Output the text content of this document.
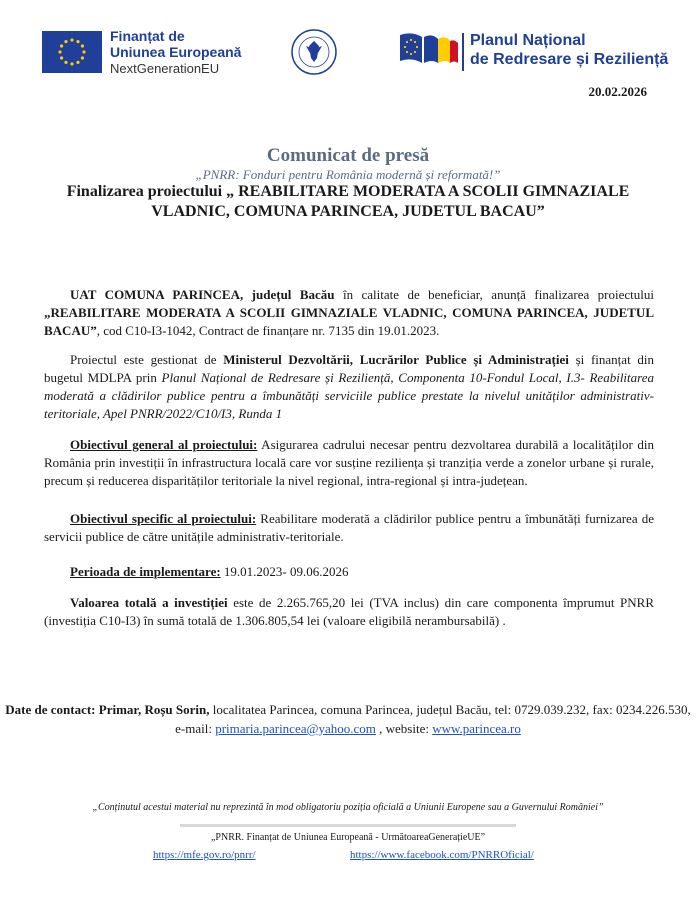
Finanțat de
Uniunea Europeană
NextGenerationEU
Planul Național
de Redresare și Reziliență
20.02.2026
Comunicat de presă
„PNRR: Fonduri pentru România modernă și reformată!”
Finalizarea proiectului „ REABILITARE MODERATA A SCOLII GIMNAZIALE VLADNIC, COMUNA PARINCEA, JUDETUL BACAU”
UAT COMUNA PARINCEA, județul Bacău în calitate de beneficiar, anunță finalizarea proiectului „REABILITARE MODERATA A SCOLII GIMNAZIALE VLADNIC, COMUNA PARINCEA, JUDETUL BACAU”, cod C10-I3-1042, Contract de finanțare nr. 7135 din 19.01.2023.
Proiectul este gestionat de Ministerul Dezvoltării, Lucrărilor Publice și Administrației și finanțat din bugetul MDLPA prin Planul Național de Redresare și Reziliență, Componenta 10-Fondul Local, I.3- Reabilitarea moderată a clădirilor publice pentru a îmbunătăți serviciile publice prestate la nivelul unităților administrativ-teritoriale, Apel PNRR/2022/C10/I3, Runda 1
Obiectivul general al proiectului: Asigurarea cadrului necesar pentru dezvoltarea durabilă a localităților din România prin investiții în infrastructura locală care vor susține reziliența și tranziția verde a zonelor urbane și rurale, precum și reducerea disparităților teritoriale la nivel regional, intra-regional și intra-județean.
Obiectivul specific al proiectului: Reabilitare moderată a clădirilor publice pentru a îmbunătăți furnizarea de servicii publice de către unitățile administrativ-teritoriale.
Perioada de implementare: 19.01.2023- 09.06.2026
Valoarea totală a investiției este de 2.265.765,20 lei (TVA inclus) din care componenta împrumut PNRR (investiția C10-I3) în sumă totală de 1.306.805,54 lei (valoare eligibilă nerambursabilă) .
Date de contact: Primar, Roșu Sorin, localitatea Parincea, comuna Parincea, județul Bacău, tel: 0729.039.232, fax: 0234.226.530, e-mail: primaria.parincea@yahoo.com , website: www.parincea.ro
„Conținutul acestui material nu reprezintă în mod obligatoriu poziția oficială a Uniunii Europene sau a Guvernului României”
„PNRR. Finanțat de Uniunea Europeană - UrmătoareaGenerațieUE”
https://mfe.gov.ro/pnrr/	https://www.facebook.com/PNRROficial/
